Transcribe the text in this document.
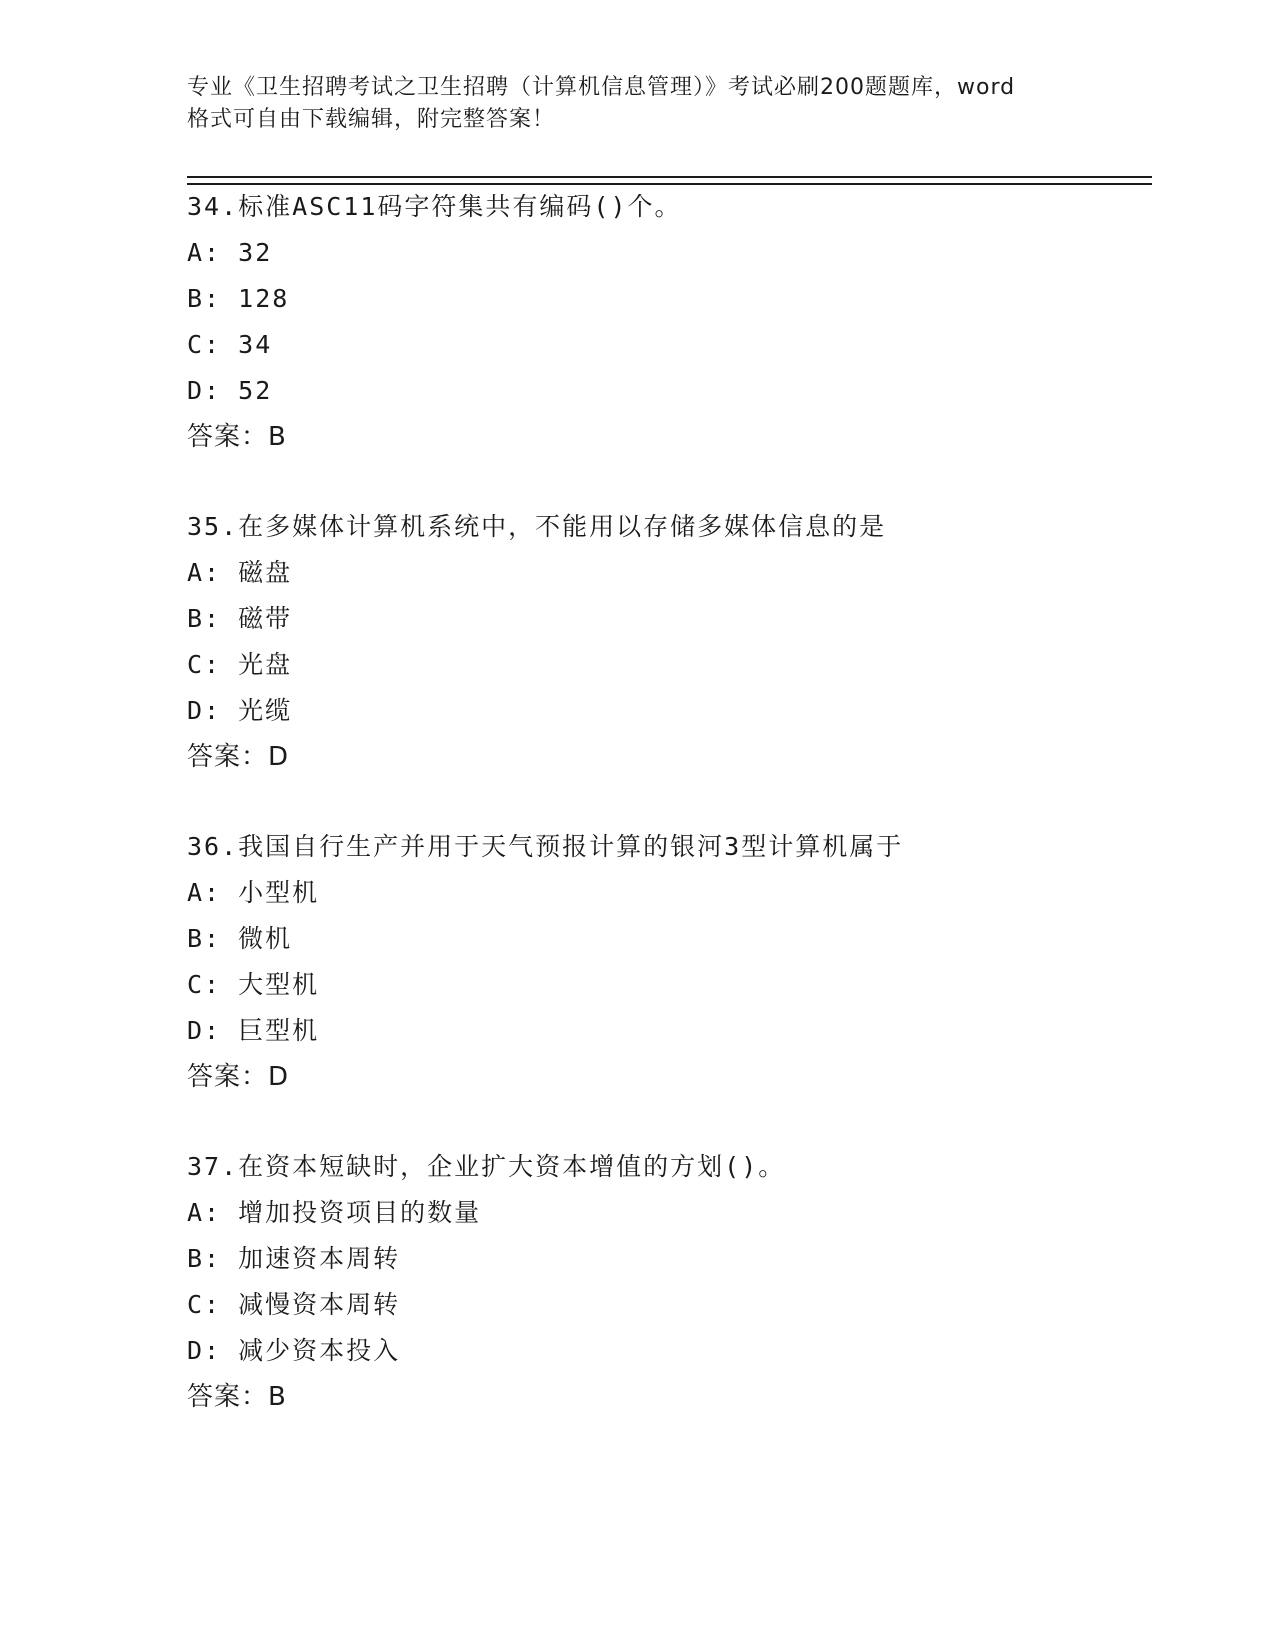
专业《卫生招聘考试之卫生招聘（计算机信息管理）》考试必刷200题题库，word
格式可自由下载编辑，附完整答案！
34.标准ASC11码字符集共有编码()个。
A: 32
B: 128
C: 34
D: 52
答案：B
35.在多媒体计算机系统中，不能用以存储多媒体信息的是
A: 磁盘
B: 磁带
C: 光盘
D: 光缆
答案：D
36.我国自行生产并用于天气预报计算的银河3型计算机属于
A: 小型机
B: 微机
C: 大型机
D: 巨型机
答案：D
37.在资本短缺时，企业扩大资本增值的方划()。
A: 增加投资项目的数量
B: 加速资本周转
C: 减慢资本周转
D: 减少资本投入
答案：B
